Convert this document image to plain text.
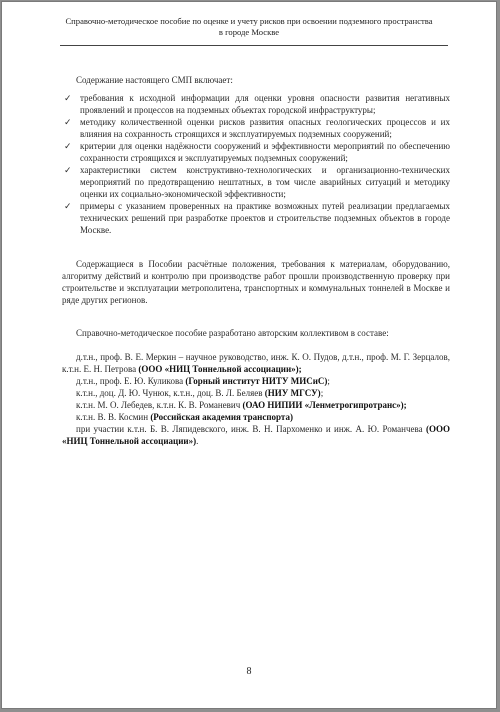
Справочно-методическое пособие по оценке и учету рисков при освоении подземного пространства
в городе Москве
Содержание настоящего СМП включает:
✓ требования к исходной информации для оценки уровня опасности развития негативных проявлений и процессов на подземных объектах городской инфраструктуры;
✓ методику количественной оценки рисков развития опасных геологических процессов и их влияния на сохранность строящихся и эксплуатируемых подземных сооружений;
✓ критерии для оценки надёжности сооружений и эффективности мероприятий по обеспечению сохранности строящихся и эксплуатируемых подземных сооружений;
✓ характеристики систем конструктивно-технологических и организационно-технических мероприятий по предотвращению нештатных, в том числе аварийных ситуаций и методику оценки их социально-экономической эффективности;
✓ примеры с указанием проверенных на практике возможных путей реализации предлагаемых технических решений при разработке проектов и строительстве подземных объектов в городе Москве.
Содержащиеся в Пособии расчётные положения, требования к материалам, оборудованию, алгоритму действий и контролю при производстве работ прошли производственную проверку при строительстве и эксплуатации метрополитена, транспортных и коммунальных тоннелей в Москве и ряде других регионов.
Справочно-методическое пособие разработано авторским коллективом в составе:
д.т.н., проф. В. Е. Меркин – научное руководство, инж. К. О. Пудов, д.т.н., проф. М. Г. Зерцалов, к.т.н. Е. Н. Петрова (ООО «НИЦ Тоннельной ассоциации»);
д.т.н., проф. Е. Ю. Куликова (Горный институт НИТУ МИСиС);
к.т.н., доц. Д. Ю. Чунюк, к.т.н., доц. В. Л. Беляев (НИУ МГСУ);
к.т.н. М. О. Лебедев, к.т.н. К. В. Романевич (ОАО НИПИИ «Ленметрогипротранс»);
к.т.н. В. В. Космин (Российская академия транспорта)
при участии к.т.н. Б. В. Ляпидевского, инж. В. Н. Пархоменко и инж. А. Ю. Романчева (ООО «НИЦ Тоннельной ассоциации»).
8
